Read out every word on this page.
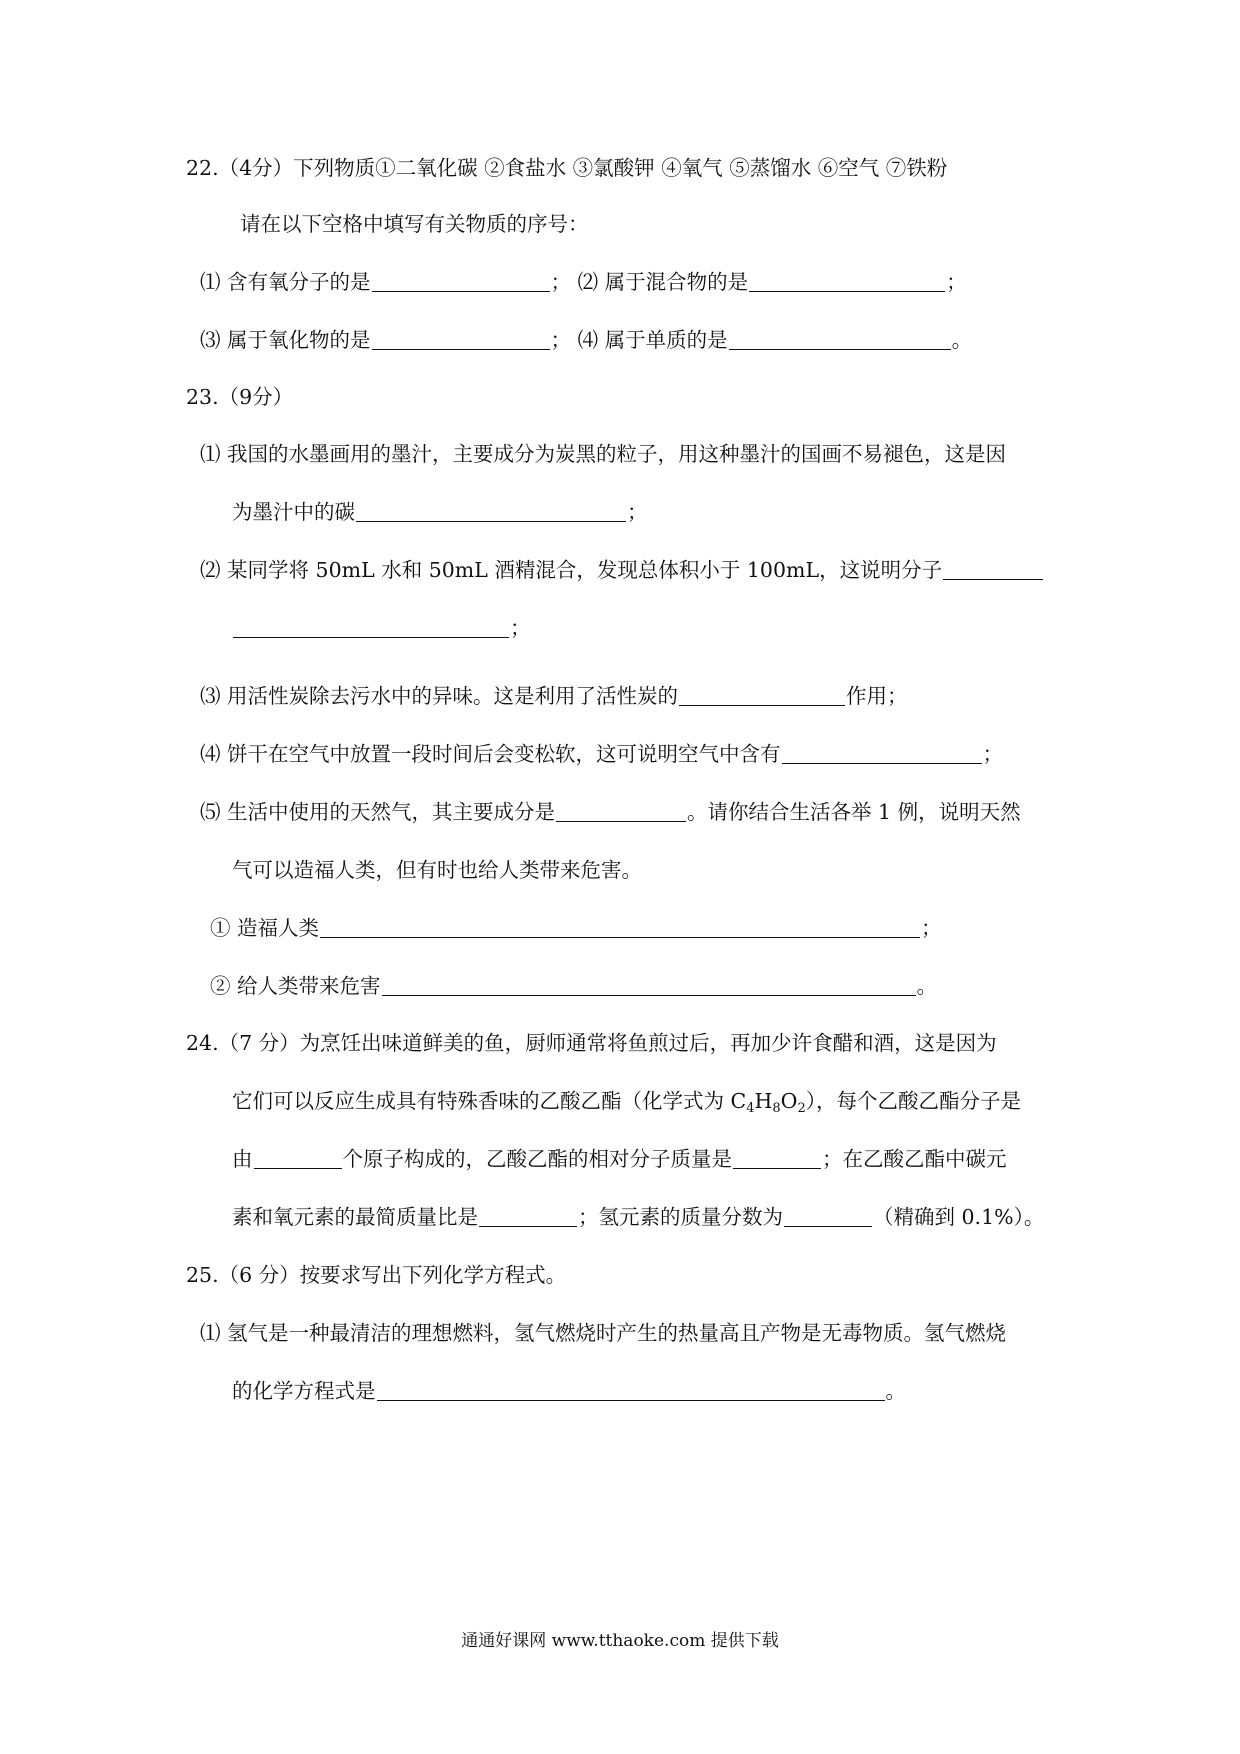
22.（4分）下列物质①二氧化碳 ②食盐水 ③氯酸钾 ④氧气 ⑤蒸馏水 ⑥空气 ⑦铁粉
请在以下空格中填写有关物质的序号：
⑴ 含有氧分子的是	； ⑵ 属于混合物的是	；
⑶ 属于氧化物的是	； ⑷ 属于单质的是	。
23.（9分）
⑴ 我国的水墨画用的墨汁，主要成分为炭黑的粒子，用这种墨汁的国画不易褪色，这是因
为墨汁中的碳	；
⑵ 某同学将 50mL 水和 50mL 酒精混合，发现总体积小于 100mL，这说明分子
；
⑶ 用活性炭除去污水中的异味。这是利用了活性炭的	作用；
⑷ 饼干在空气中放置一段时间后会变松软，这可说明空气中含有	；
⑸ 生活中使用的天然气，其主要成分是	。请你结合生活各举 1 例，说明天然
气可以造福人类，但有时也给人类带来危害。
① 造福人类	；
② 给人类带来危害	。
24.（7 分）为烹饪出味道鲜美的鱼，厨师通常将鱼煎过后，再加少许食醋和酒，这是因为
它们可以反应生成具有特殊香味的乙酸乙酯（化学式为 $C_4H_8O_2$），每个乙酸乙酯分子是
由	个原子构成的，乙酸乙酯的相对分子质量是	；在乙酸乙酯中碳元
素和氧元素的最简质量比是	；氢元素的质量分数为	（精确到 0.1%）。
25.（6 分）按要求写出下列化学方程式。
⑴ 氢气是一种最清洁的理想燃料，氢气燃烧时产生的热量高且产物是无毒物质。氢气燃烧
的化学方程式是	。
通通好课网 www.tthaoke.com 提供下载
